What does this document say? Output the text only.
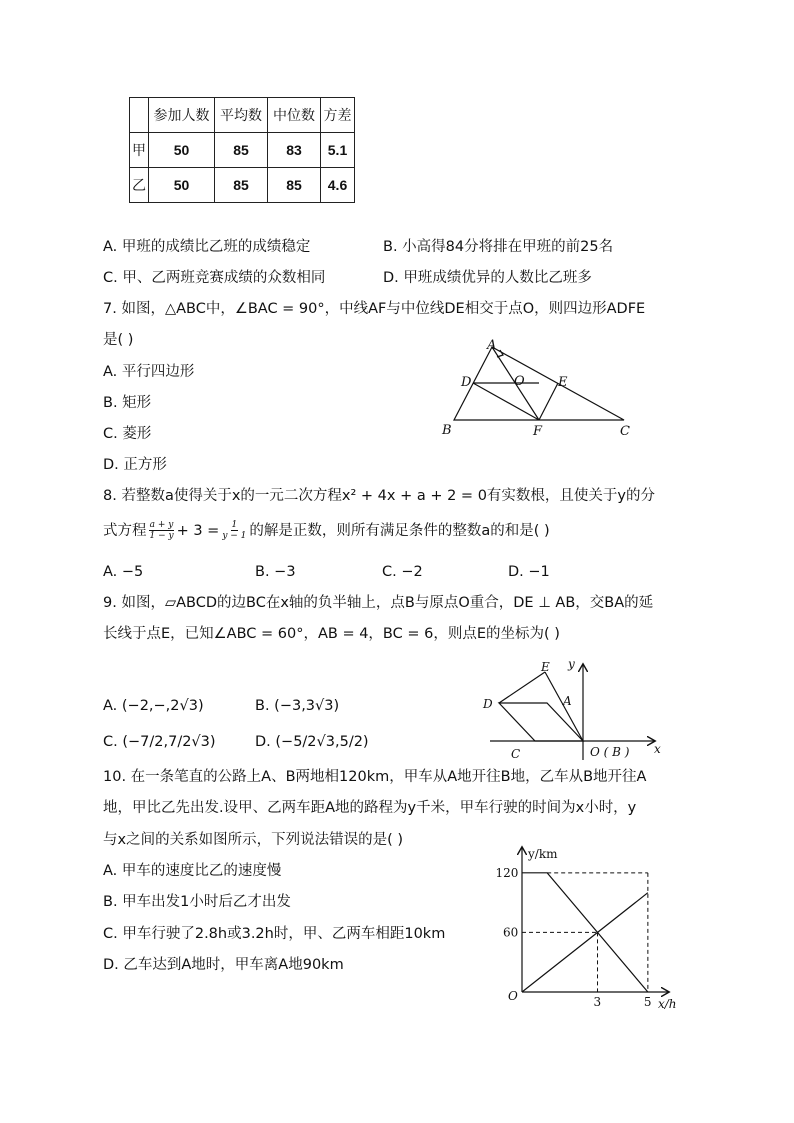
	参加人数	平均数	中位数	方差
甲	50	85	83	5.1
乙	50	85	85	4.6
A. 甲班的成绩比乙班的成绩稳定	B. 小高得84分将排在甲班的前25名
C. 甲、乙两班竞赛成绩的众数相同	D. 甲班成绩优异的人数比乙班多
7. 如图，△ABC中，∠BAC = 90°，中线AF与中位线DE相交于点O，则四边形ADFE
是( )
A. 平行四边形
B. 矩形
C. 菱形
D. 正方形
A
D	O	E
B	F	C
8. 若整数a使得关于x的一元二次方程x² + 4x + a + 2 = 0有实数根，且使关于y的分
式方程 $\frac{a + y}{1 - y} + 3 = \frac{1}{y - 1}$ 的解是正数，则所有满足条件的整数a的和是( )
A. −5	B. −3	C. −2	D. −1
9. 如图，▱ABCD的边BC在x轴的负半轴上，点B与原点O重合，DE ⊥ AB，交BA的延
长线于点E，已知∠ABC = 60°，AB = 4，BC = 6，则点E的坐标为( )
A. (−2,−,2√3)	B. (−3,3√3)
C. (−7/2,7/2√3)	D. (−5/2√3,5/2)
E y
D	A
C	O ( B ) x
10. 在一条笔直的公路上A、B两地相120km，甲车从A地开往B地，乙车从B地开往A
地，甲比乙先出发.设甲、乙两车距A地的路程为y千米，甲车行驶的时间为x小时，y
与x之间的关系如图所示，下列说法错误的是( )
A. 甲车的速度比乙的速度慢
B. 甲车出发1小时后乙才出发
C. 甲车行驶了2.8h或3.2h时，甲、乙两车相距10km
D. 乙车达到A地时，甲车离A地90km
3	5
60
120
y/km
x/h
O
